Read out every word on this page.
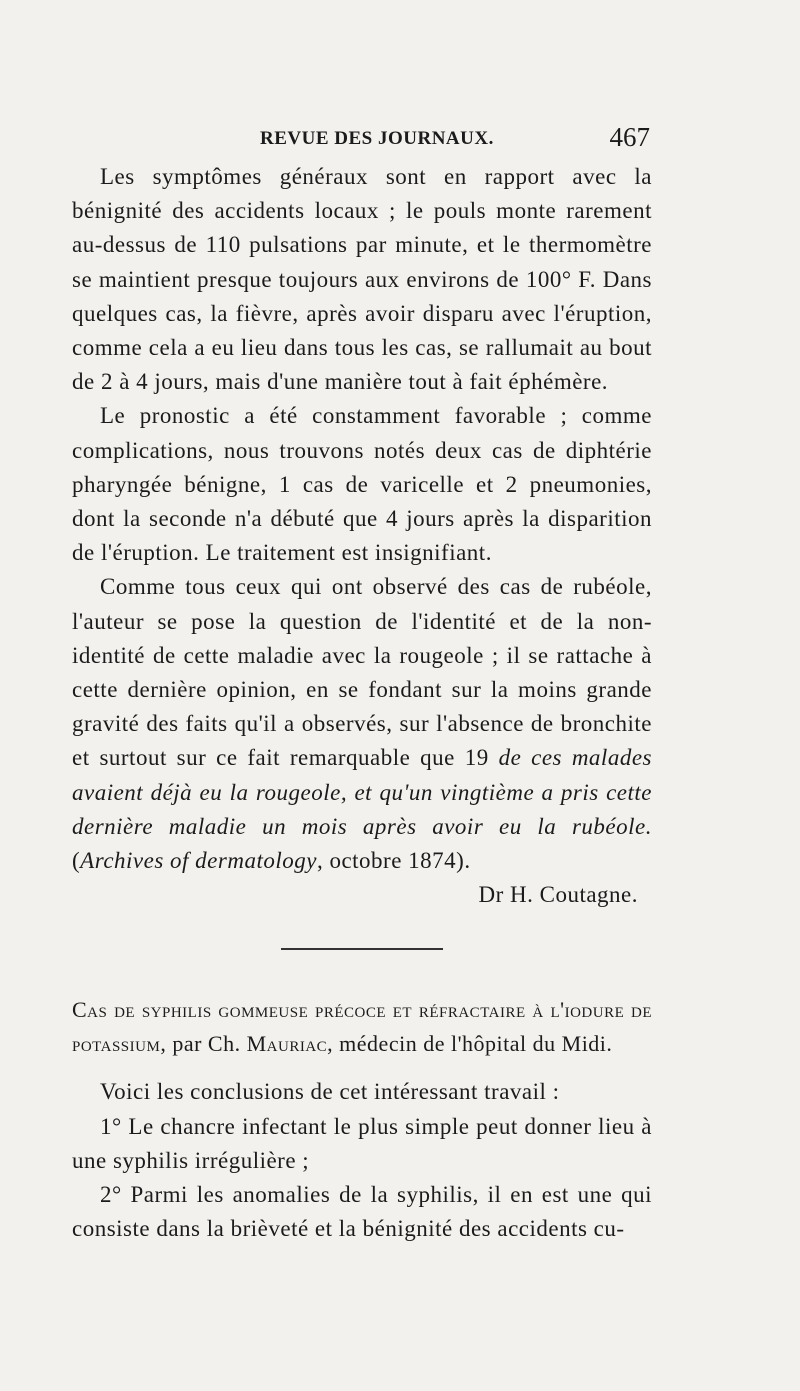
REVUE DES JOURNAUX.	467

Les symptômes généraux sont en rapport avec la bénignité des accidents locaux ; le pouls monte rarement au-dessus de 110 pulsations par minute, et le thermomètre se maintient presque toujours aux environs de 100° F. Dans quelques cas, la fièvre, après avoir disparu avec l'éruption, comme cela a eu lieu dans tous les cas, se rallumait au bout de 2 à 4 jours, mais d'une manière tout à fait éphémère.

Le pronostic a été constamment favorable ; comme complications, nous trouvons notés deux cas de diphtérie pharyngée bénigne, 1 cas de varicelle et 2 pneumonies, dont la seconde n'a débuté que 4 jours après la disparition de l'éruption. Le traitement est insignifiant.

Comme tous ceux qui ont observé des cas de rubéole, l'auteur se pose la question de l'identité et de la non-identité de cette maladie avec la rougeole ; il se rattache à cette dernière opinion, en se fondant sur la moins grande gravité des faits qu'il a observés, sur l'absence de bronchite et surtout sur ce fait remarquable que 19 de ces malades avaient déjà eu la rougeole, et qu'un vingtième a pris cette dernière maladie un mois après avoir eu la rubéole. (Archives of dermatology, octobre 1874).

Dr H. Coutagne.

Cas de syphilis gommeuse précoce et réfractaire à l'iodure de potassium, par Ch. Mauriac, médecin de l'hôpital du Midi.

Voici les conclusions de cet intéressant travail :

1° Le chancre infectant le plus simple peut donner lieu à une syphilis irrégulière ;

2° Parmi les anomalies de la syphilis, il en est une qui consiste dans la brièveté et la bénignité des accidents cu-
